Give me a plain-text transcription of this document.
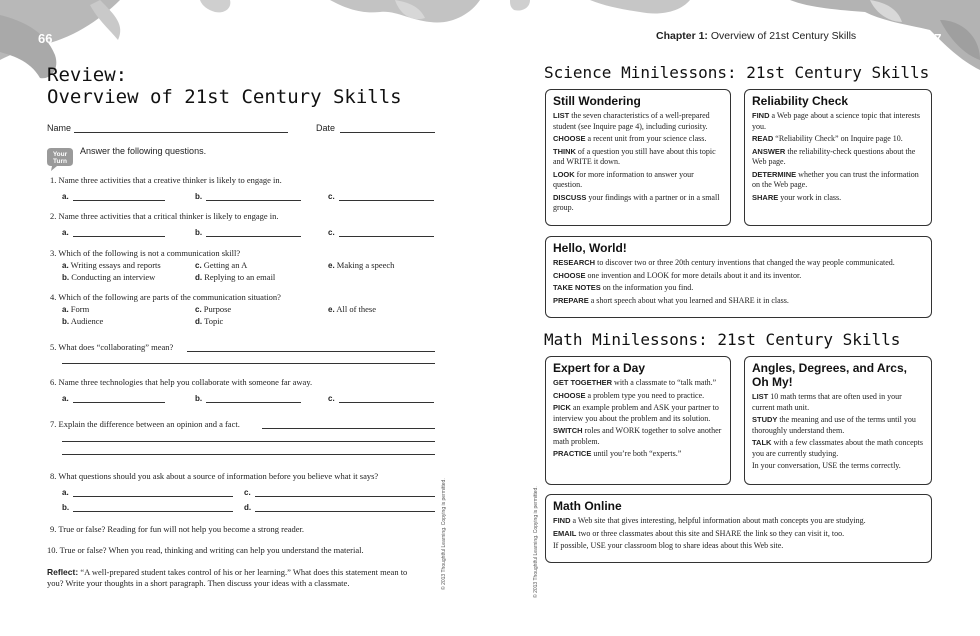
66
Review:
Overview of 21st Century Skills
Name	Date
Your
Turn
Answer the following questions.
1. Name three activities that a creative thinker is likely to engage in.
a.	b.	c.
2. Name three activities that a critical thinker is likely to engage in.
a.	b.	c.
3. Which of the following is not a communication skill?
a. Writing essays and reports	c. Getting an A	e. Making a speech
b. Conducting an interview	d. Replying to an email
4. Which of the following are parts of the communication situation?
a. Form	c. Purpose	e. All of these
b. Audience	d. Topic
5. What does “collaborating” mean?
6. Name three technologies that help you collaborate with someone far away.
a.	b.	c.
7. Explain the difference between an opinion and a fact.
8. What questions should you ask about a source of information before you believe what it says?
a.	c.
b.	d.
9. True or false? Reading for fun will not help you become a strong reader.
10. True or false? When you read, thinking and writing can help you understand the material.
Reflect: “A well-prepared student takes control of his or her learning.” What does this statement mean to
you? Write your thoughts in a short paragraph. Then discuss your ideas with a classmate.	© 2013 Thoughtful Learning. Copying is permitted.
Chapter 1: Overview of 21st Century Skills	67
Science Minilessons: 21st Century Skills
Still Wondering

LIST the seven characteristics of a well-prepared student (see Inquire page 4), including curiosity.

CHOOSE a recent unit from your science class.

THINK of a question you still have about this topic and WRITE it down.

LOOK for more information to answer your question.

DISCUSS your findings with a partner or in a small group.

Reliability Check

FIND a Web page about a science topic that interests you.

READ “Reliability Check” on Inquire page 10.

ANSWER the reliability-check questions about the Web page.

DETERMINE whether you can trust the information on the Web page.

SHARE your work in class.

Hello, World!

RESEARCH to discover two or three 20th century inventions that changed the way people communicated.

CHOOSE one invention and LOOK for more details about it and its inventor.

TAKE NOTES on the information you find.

PREPARE a short speech about what you learned and SHARE it in class.

Math Minilessons: 21st Century Skills
Expert for a Day

GET TOGETHER with a classmate to “talk math.”

CHOOSE a problem type you need to practice.

PICK an example problem and ASK your partner to interview you about the problem and its solution.

SWITCH roles and WORK together to solve another math problem.

PRACTICE until you’re both “experts.”

Angles, Degrees, and Arcs,
Oh My!

LIST 10 math terms that are often used in your current math unit.

STUDY the meaning and use of the terms until you thoroughly understand them.

TALK with a few classmates about the math concepts you are currently studying.

In your conversation, USE the terms correctly.

Math Online

FIND a Web site that gives interesting, helpful information about math concepts you are studying.

EMAIL two or three classmates about this site and SHARE the link so they can visit it, too.

If possible, USE your classroom blog to share ideas about this Web site.

© 2013 Thoughtful Learning. Copying is permitted.
